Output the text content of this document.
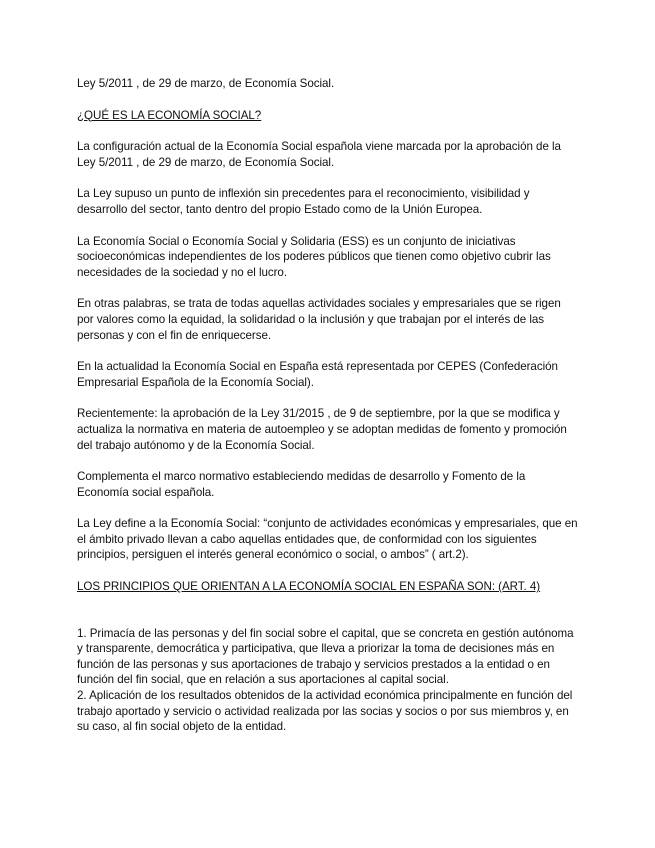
Ley 5/2011 , de 29 de marzo, de Economía Social.

¿QUÉ ES LA ECONOMÍA SOCIAL?

La configuración actual de la Economía Social española viene marcada por la aprobación de la Ley 5/2011 , de 29 de marzo, de Economía Social.

La Ley supuso un punto de inflexión sin precedentes para el reconocimiento, visibilidad y desarrollo del sector, tanto dentro del propio Estado como de la Unión Europea.

La Economía Social o Economía Social y Solidaria (ESS) es un conjunto de iniciativas socioeconómicas independientes de los poderes públicos que tienen como objetivo cubrir las necesidades de la sociedad y no el lucro.

En otras palabras, se trata de todas aquellas actividades sociales y empresariales que se rigen por valores como la equidad, la solidaridad o la inclusión y que trabajan por el interés de las personas y con el fin de enriquecerse.

En la actualidad la Economía Social en España está representada por CEPES (Confederación Empresarial Española de la Economía Social).

Recientemente: la aprobación de la Ley 31/2015 , de 9 de septiembre, por la que se modifica y actualiza la normativa en materia de autoempleo y se adoptan medidas de fomento y promoción del trabajo autónomo y de la Economía Social.

Complementa el marco normativo estableciendo medidas de desarrollo y Fomento de la Economía social española.

La Ley define a la Economía Social: “conjunto de actividades económicas y empresariales, que en el ámbito privado llevan a cabo aquellas entidades que, de conformidad con los siguientes principios, persiguen el interés general económico o social, o ambos” ( art.2).

LOS PRINCIPIOS QUE ORIENTAN A LA ECONOMÍA SOCIAL EN ESPAÑA SON: (ART. 4)

1. Primacía de las personas y del fin social sobre el capital, que se concreta en gestión autónoma y transparente, democrática y participativa, que lleva a priorizar la toma de decisiones más en función de las personas y sus aportaciones de trabajo y servicios prestados a la entidad o en función del fin social, que en relación a sus aportaciones al capital social.

2. Aplicación de los resultados obtenidos de la actividad económica principalmente en función del trabajo aportado y servicio o actividad realizada por las socias y socios o por sus miembros y, en su caso, al fin social objeto de la entidad.
